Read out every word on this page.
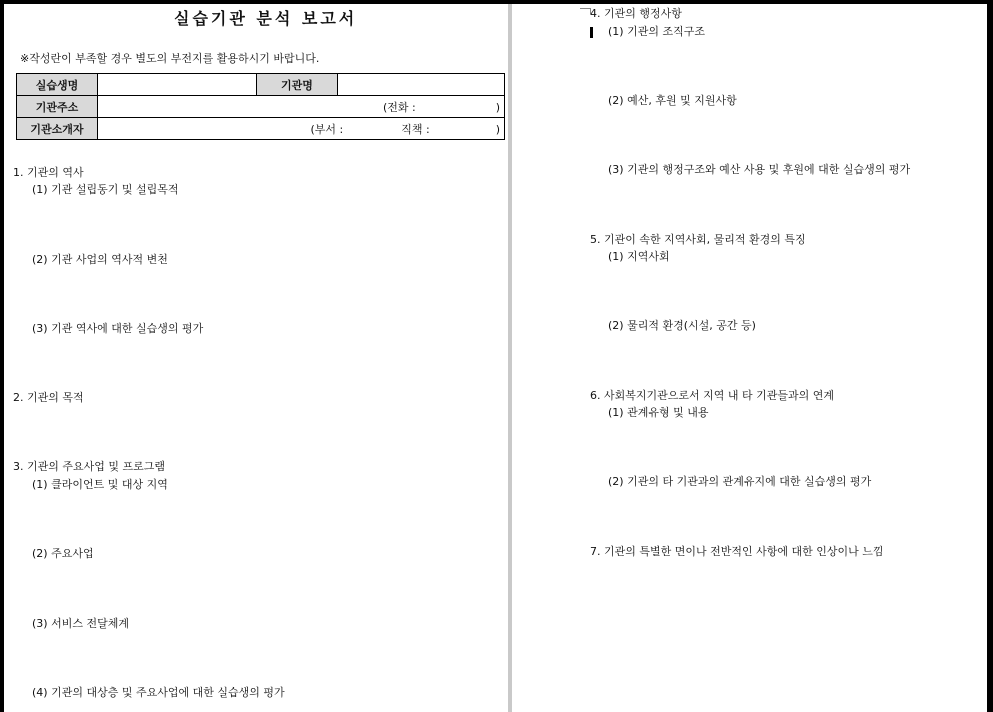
실습기관 분석 보고서
※작성란이 부족할 경우 별도의 부전지를 활용하시기 바랍니다.
실습생명		기관명	
기관주소	(전화 : )		
기관소개자	(부서 : 직책 : )		
1. 기관의 역사
(1) 기관 설립동기 및 설립목적
(2) 기관 사업의 역사적 변천
(3) 기관 역사에 대한 실습생의 평가
2. 기관의 목적
3. 기관의 주요사업 및 프로그램
(1) 클라이언트 및 대상 지역
(2) 주요사업
(3) 서비스 전달체계
(4) 기관의 대상층 및 주요사업에 대한 실습생의 평가
4. 기관의 행정사항
(1) 기관의 조직구조
(2) 예산, 후원 및 지원사항
(3) 기관의 행정구조와 예산 사용 및 후원에 대한 실습생의 평가
5. 기관이 속한 지역사회, 물리적 환경의 특징
(1) 지역사회
(2) 물리적 환경(시설, 공간 등)
6. 사회복지기관으로서 지역 내 타 기관들과의 연계
(1) 관계유형 및 내용
(2) 기관의 타 기관과의 관계유지에 대한 실습생의 평가
7. 기관의 특별한 면이나 전반적인 사항에 대한 인상이나 느낌
